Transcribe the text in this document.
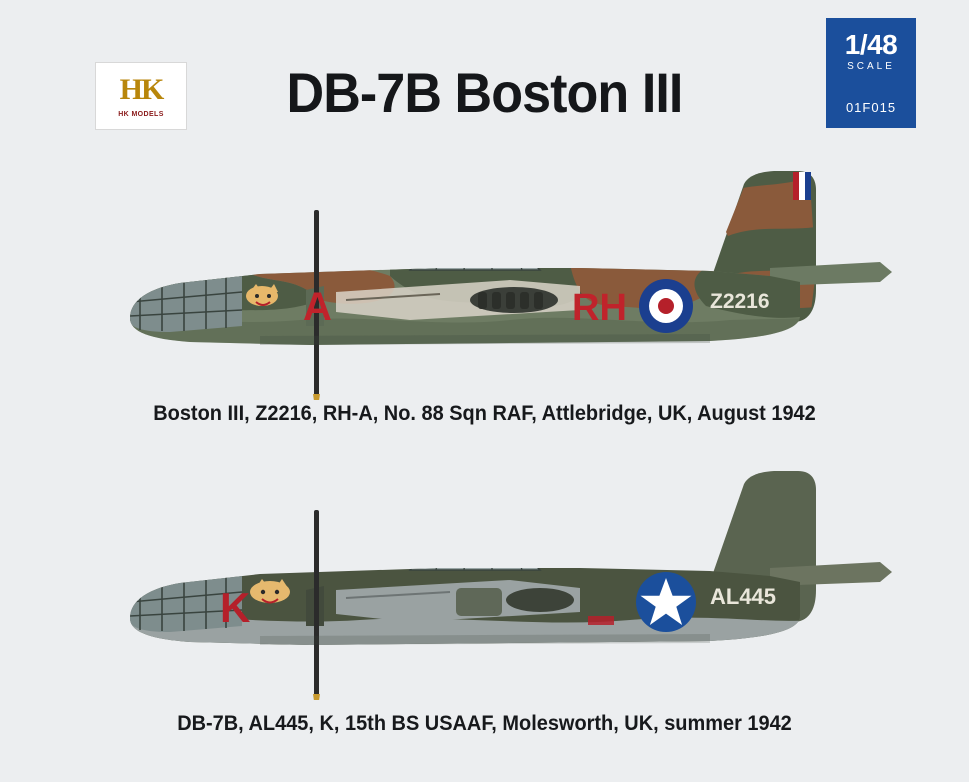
HK
HK MODELS	DB-7B Boston III
1/48
SCALE
01F015
A	RH	Z2216
Boston III, Z2216, RH-A, No. 88 Sqn RAF, Attlebridge, UK, August 1942
K	AL445
DB-7B, AL445, K, 15th BS USAAF, Molesworth, UK, summer 1942
